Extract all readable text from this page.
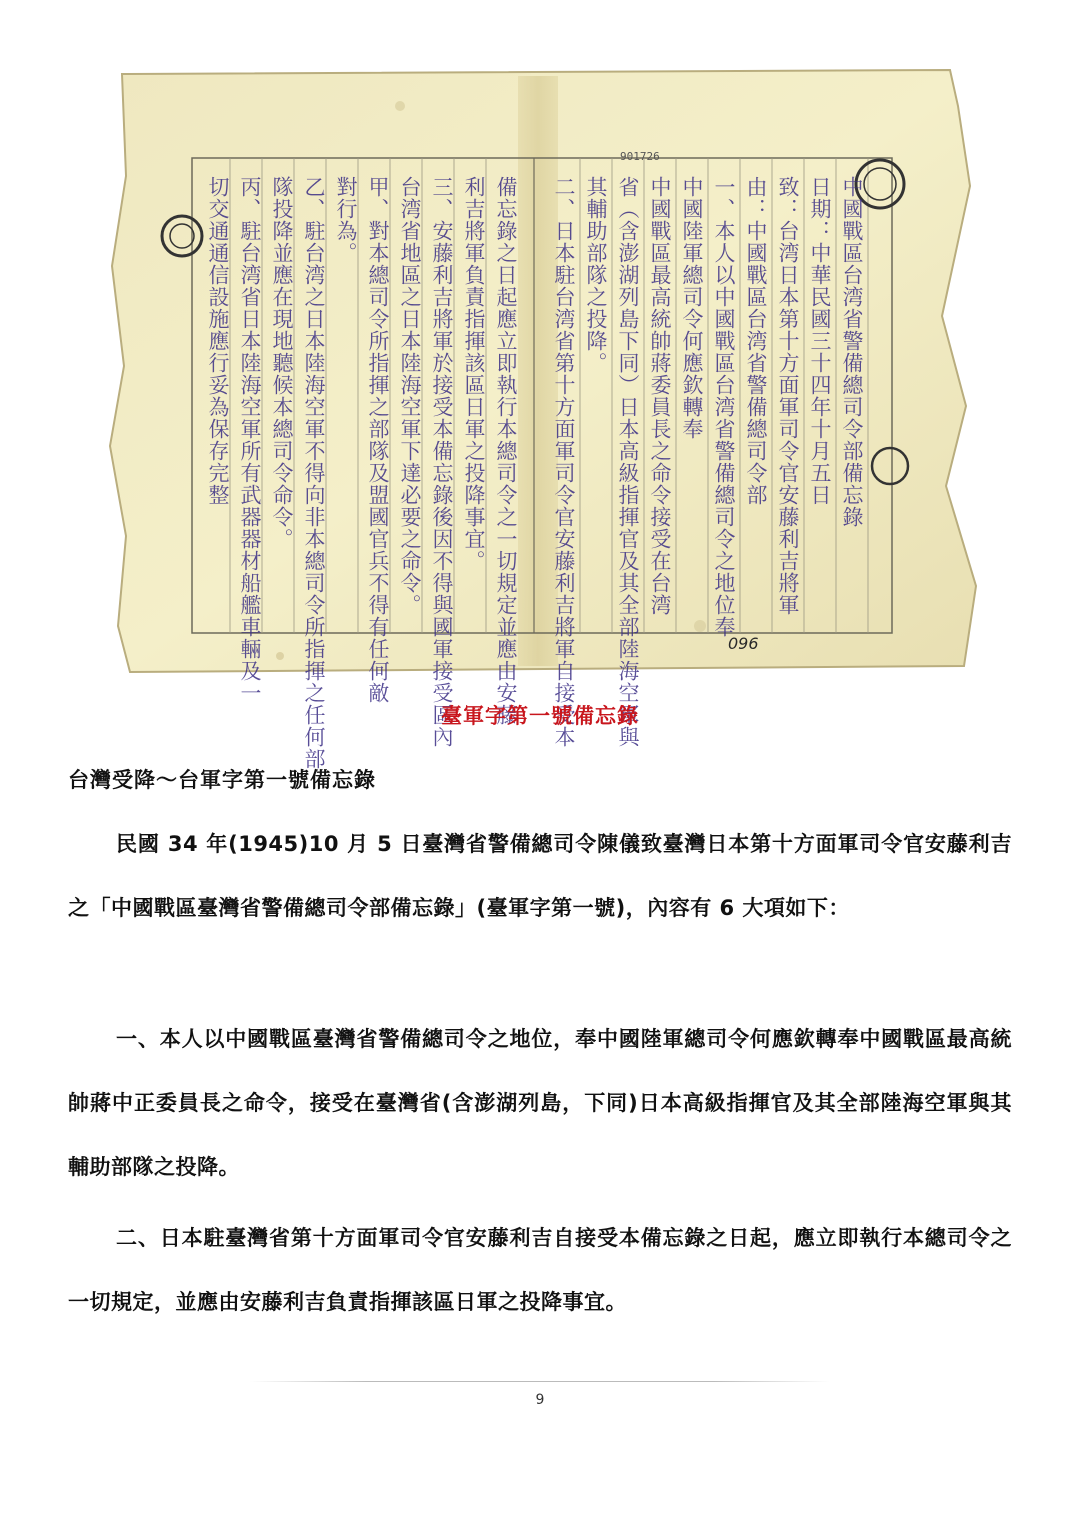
901726
096
中國戰區台湾省警備總司令部備忘錄
日期：中華民國三十四年十月五日
致：台湾日本第十方面軍司令官安藤利吉將軍
由：中國戰區台湾省警備總司令部
一、本人以中國戰區台湾省警備總司令之地位奉
中國陸軍總司令何應欽轉奉
中國戰區最高統帥蔣委員長之命令接受在台湾
省（含澎湖列島下同）日本高級指揮官及其全部陸海空軍與
其輔助部隊之投降。
二、日本駐台湾省第十方面軍司令官安藤利吉將軍自接受本
備忘錄之日起應立即執行本總司令之一切規定並應由安藤
利吉將軍負責指揮該區日軍之投降事宜。
三、安藤利吉將軍於接受本備忘錄後因不得與國軍接受區內
台湾省地區之日本陸海空軍下達必要之命令。
甲、對本總司令所指揮之部隊及盟國官兵不得有任何敵
對行為。
乙、駐台湾之日本陸海空軍不得向非本總司令所指揮之任何部
隊投降並應在現地聽候本總司令命令。
丙、駐台湾省日本陸海空軍所有武器器材船艦車輛及一
切交通通信設施應行妥為保存完整
臺軍字第一號備忘錄
台灣受降～台軍字第一號備忘錄

民國 34 年(1945)10 月 5 日臺灣省警備總司令陳儀致臺灣日本第十方面軍司令官安藤利吉之「中國戰區臺灣省警備總司令部備忘錄」(臺軍字第一號)，內容有 6 大項如下：

一、本人以中國戰區臺灣省警備總司令之地位，奉中國陸軍總司令何應欽轉奉中國戰區最高統帥蔣中正委員長之命令，接受在臺灣省(含澎湖列島，下同)日本高級指揮官及其全部陸海空軍與其輔助部隊之投降。

二、日本駐臺灣省第十方面軍司令官安藤利吉自接受本備忘錄之日起，應立即執行本總司令之一切規定，並應由安藤利吉負責指揮該區日軍之投降事宜。

9
